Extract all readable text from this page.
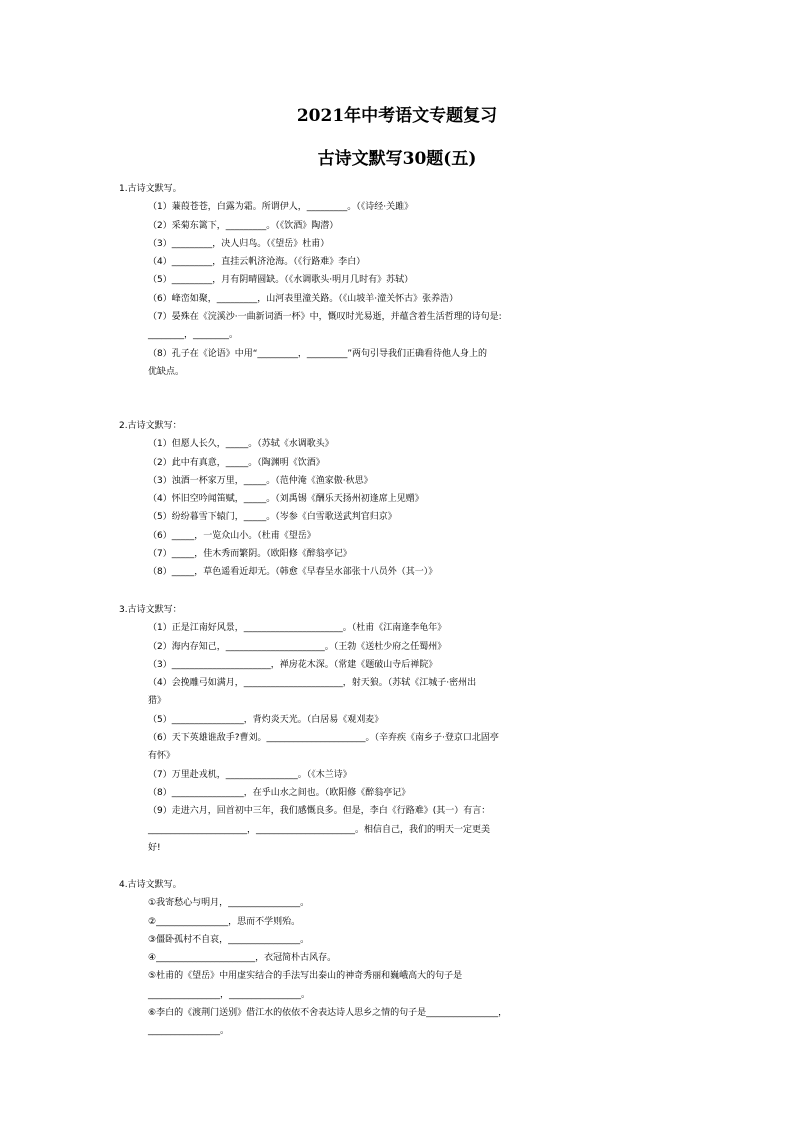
2021年中考语文专题复习
古诗文默写30题(五)
1.古诗文默写。
（1）蒹葭苍苍，白露为霜。所谓伊人，_________。（《诗经·关雎》
（2）采菊东篱下，_________。（《饮酒》陶潜）
（3）_________，决人归鸟。（《望岳》杜甫）
（4）_________，直挂云帆济沧海。（《行路难》李白）
（5）_________，月有阴晴圆缺。（《水调歌头·明月几时有》苏轼）
（6）峰峦如聚，_________，山河表里潼关路。（《山坡羊·潼关怀古》张养浩）
（7）晏殊在《浣溪沙·一曲新词酒一杯》中，慨叹时光易逝，并蕴含着生活哲理的诗句是:
________，________。
（8）孔子在《论语》中用“_________，_________”两句引导我们正确看待他人身上的
优缺点。
2.古诗文默写：
（1）但愿人长久，_____。（苏轼《水调歌头》
（2）此中有真意，_____。（陶渊明《饮酒》
（3）浊酒一杯家万里，_____。（范仲淹《渔家傲·秋思》
（4）怀旧空吟闻笛赋，_____。（刘禹锡《酬乐天扬州初逢席上见赠》
（5）纷纷暮雪下辕门，_____。（岑参《白雪歌送武判官归京》
（6）_____，一览众山小。（杜甫《望岳》
（7）_____，佳木秀而繁阴。（欧阳修《醉翁亭记》
（8）_____，草色遥看近却无。（韩愈《早春呈水部张十八员外（其一）》
3.古诗文默写：
（1）正是江南好风景，______________________。（杜甫《江南逢李龟年》
（2）海内存知己，______________________。（王勃《送杜少府之任蜀州》
（3）______________________，禅房花木深。（常建《题破山寺后禅院》
（4）会挽雕弓如满月，______________________，射天狼。（苏轼《江城子·密州出
猎》
（5）________________，背灼炎天光。（白居易《观刈麦》
（6）天下英雄谁敌手?曹刘。______________________。（辛弃疾《南乡子·登京口北固亭
有怀》
（7）万里赴戎机，________________。（《木兰诗》
（8）________________，在乎山水之间也。（欧阳修《醉翁亭记》
（9）走进六月，回首初中三年，我们感慨良多。但是，李白《行路难》(其一）有言：
______________________，______________________。相信自己，我们的明天一定更美
好!
4.古诗文默写。
①我寄愁心与明月，________________。
②________________，思而不学则殆。
③僵卧孤村不自哀，________________。
④______________________，衣冠简朴古风存。
⑤杜甫的《望岳》中用虚实结合的手法写出泰山的神奇秀丽和巍峨高大的句子是
________________，________________。
⑥李白的《渡荆门送别》借江水的依依不舍表达诗人思乡之情的句子是________________，
________________。
